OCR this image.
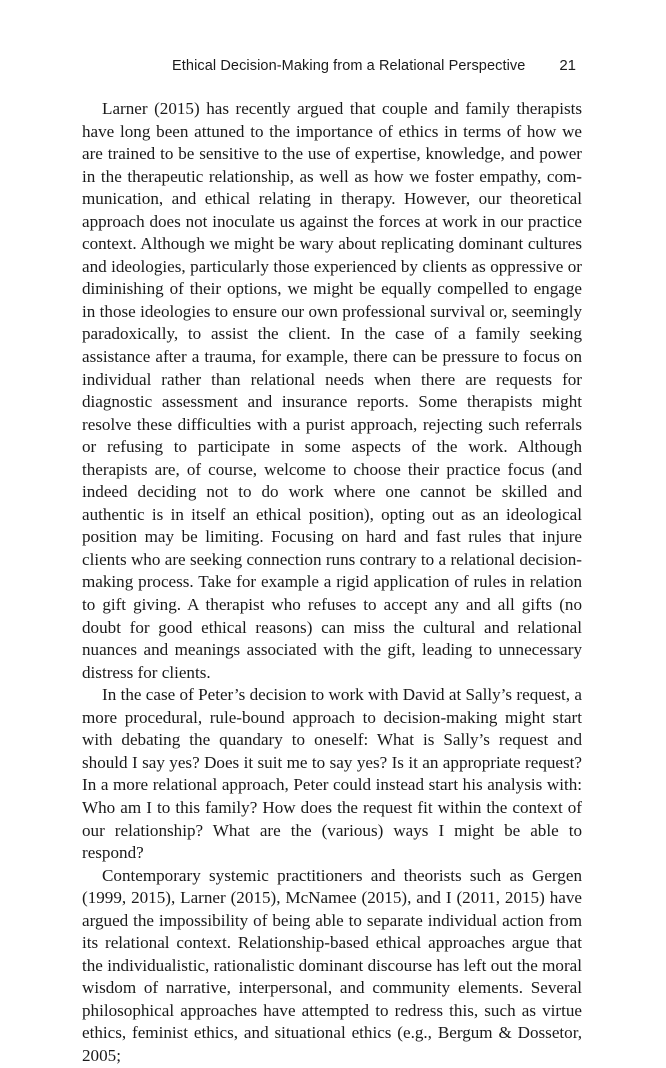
Ethical Decision-Making from a Relational Perspective 21

Larner (2015) has recently argued that couple and family therapists have long been attuned to the importance of ethics in terms of how we are trained to be sensitive to the use of expertise, knowledge, and power in the therapeutic relationship, as well as how we foster empathy, communication, and ethical relating in therapy. However, our theoretical approach does not inoculate us against the forces at work in our practice context. Although we might be wary about replicating dominant cultures and ideologies, particularly those experienced by clients as oppressive or diminishing of their options, we might be equally compelled to engage in those ideologies to ensure our own professional survival or, seemingly paradoxically, to assist the client. In the case of a family seeking assistance after a trauma, for example, there can be pressure to focus on individual rather than relational needs when there are requests for diagnostic assessment and insurance reports. Some therapists might resolve these difficulties with a purist approach, rejecting such referrals or refusing to participate in some aspects of the work. Although therapists are, of course, welcome to choose their practice focus (and indeed deciding not to do work where one cannot be skilled and authentic is in itself an ethical position), opting out as an ideological position may be limiting. Focusing on hard and fast rules that injure clients who are seeking connection runs contrary to a relational decision-making process. Take for example a rigid application of rules in relation to gift giving. A therapist who refuses to accept any and all gifts (no doubt for good ethical reasons) can miss the cultural and relational nuances and meanings associated with the gift, leading to unnecessary distress for clients.

In the case of Peter’s decision to work with David at Sally’s request, a more procedural, rule-bound approach to decision-making might start with debating the quandary to oneself: What is Sally’s request and should I say yes? Does it suit me to say yes? Is it an appropriate request? In a more relational approach, Peter could instead start his analysis with: Who am I to this family? How does the request fit within the context of our relationship? What are the (various) ways I might be able to respond?

Contemporary systemic practitioners and theorists such as Gergen (1999, 2015), Larner (2015), McNamee (2015), and I (2011, 2015) have argued the impossibility of being able to separate individual action from its relational context. Relationship-based ethical approaches argue that the individualistic, rationalistic dominant discourse has left out the moral wisdom of narrative, interpersonal, and community elements. Several philosophical approaches have attempted to redress this, such as virtue ethics, feminist ethics, and situational ethics (e.g., Bergum & Dossetor, 2005;
